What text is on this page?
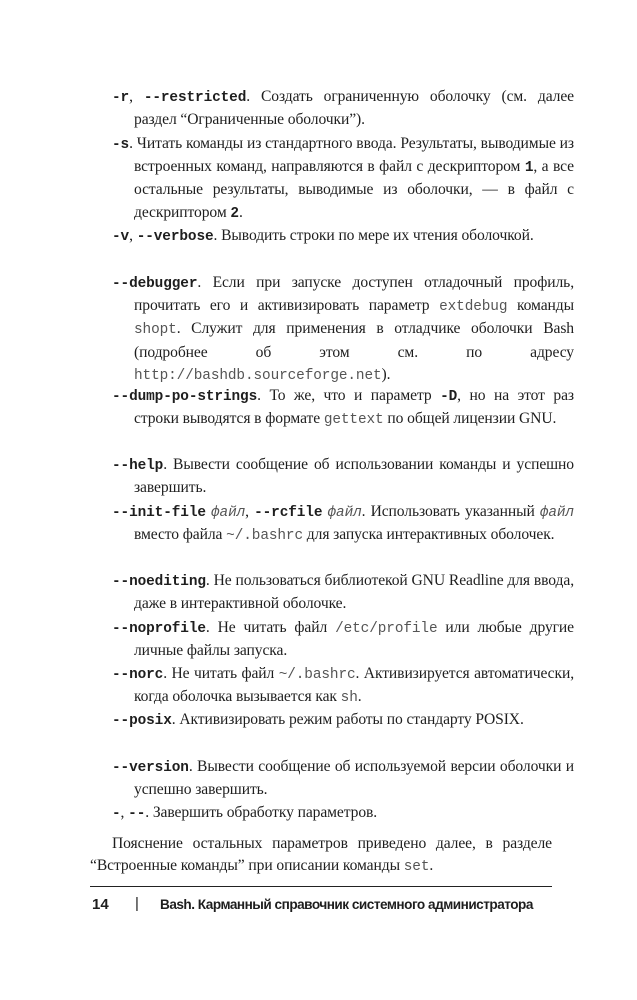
-r, --restricted. Создать ограниченную оболочку (см. далее раздел “Ограниченные оболочки”).
-s. Читать команды из стандартного ввода. Результаты, выводимые из встроенных команд, направляются в файл с дескриптором 1, а все остальные результаты, выводимые из оболочки, — в файл с дескриптором 2.
-v, --verbose. Выводить строки по мере их чтения оболочкой.
--debugger. Если при запуске доступен отладочный профиль, прочитать его и активизировать параметр extdebug команды shopt. Служит для применения в отладчике оболочки Bash (подробнее об этом см. по адресу http://bashdb.sourceforge.net).
--dump-po-strings. То же, что и параметр -D, но на этот раз строки выводятся в формате gettext по общей лицензии GNU.
--help. Вывести сообщение об использовании команды и успешно завершить.
--init-file файл, --rcfile файл. Использовать указанный файл вместо файла ~/.bashrc для запуска интерактивных оболочек.
--noediting. Не пользоваться библиотекой GNU Readline для ввода, даже в интерактивной оболочке.
--noprofile. Не читать файл /etc/profile или любые другие личные файлы запуска.
--norc. Не читать файл ~/.bashrc. Активизируется автоматически, когда оболочка вызывается как sh.
--posix. Активизировать режим работы по стандарту POSIX.
--version. Вывести сообщение об используемой версии оболочки и успешно завершить.
-, --. Завершить обработку параметров.
Пояснение остальных параметров приведено далее, в разделе “Встроенные команды” при описании команды set.
14 | Bash. Карманный справочник системного администратора
